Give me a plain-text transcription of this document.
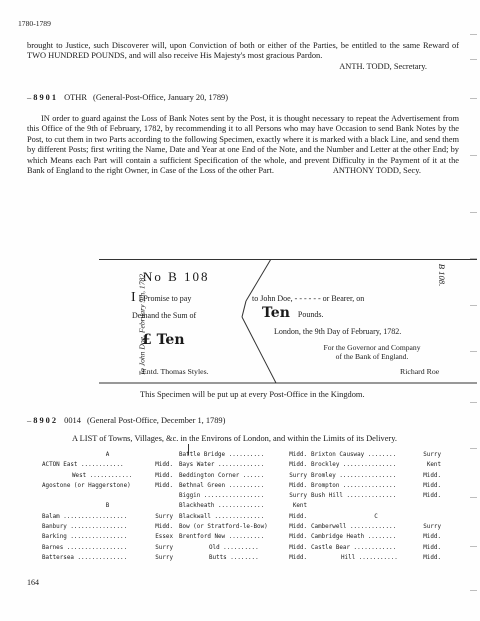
1780-1789
brought to Justice, such Discoverer will, upon Conviction of both or either of the Parties, be entitled to the same Reward of TWO HUNDRED POUNDS, and will also receive His Majesty's most gracious Pardon.
ANTH. TODD, Secretary.
– 8901 OTHR (General-Post-Office, January 20, 1789)
IN order to guard against the Loss of Bank Notes sent by the Post, it is thought necessary to repeat the Advertisement from this Office of the 9th of February, 1782, by recommending it to all Persons who may have Occasion to send Bank Notes by the Post, to cut them in two Parts according to the following Specimen, exactly where it is marked with a black Line, and send them by different Posts; first writing the Name, Date and Year at one End of the Note, and the Number and Letter at the other End; by which Means each Part will contain a sufficient Specification of the whole, and prevent Difficulty in the Payment of it at the Bank of England to the right Owner, in Case of the Loss of the other Part.	ANTHONY TODD, Secy.
To John Doe, February 9th, 1782.	B 108.
No B 108
I I Promise to pay
Demand the Sum of
to John Doe, - - - - - - or Bearer, on
Ten Pounds.
London, the 9th Day of February, 1782.
£ Ten	For the Governor and Company
of the Bank of England.
Entd. Thomas Styles.	Richard Roe
This Specimen will be put up at every Post-Office in the Kingdom.
– 8902 0014 (General Post-Office, December 1, 1789)
A LIST of Towns, Villages, &c. in the Environs of London, and within the Limits of its Delivery.
A
ACTON East ............	Midd.
West ............	Midd.
Agostone (or Haggerstone)	Midd.
B
Balam ..................	Surry
Banbury ................	Midd.
Barking ................	Essex
Barnes .................	Surry
Battersea ..............	Surry
Battle Bridge ..........	Midd.
Bays Water .............	Midd.
Beddington Corner ......	Surry
Bethnal Green ..........	Midd.
Biggin .................	Surry
Blackheath .............	Kent
Blackwall ..............	Midd.
Bow (or Stratford-le-Bow)	Midd.
Brentford New ..........	Midd.
Old ..........	Midd.
Butts ........	Midd.
Brixton Causway ........	Surry
Brockley ...............	Kent
Bromley ................	Midd.
Brompton ...............	Midd.
Bush Hill ..............	Midd.
C
Camberwell .............	Surry
Cambridge Heath ........	Midd.
Castle Bear ............	Midd.
Hill ...........	Midd.
164
